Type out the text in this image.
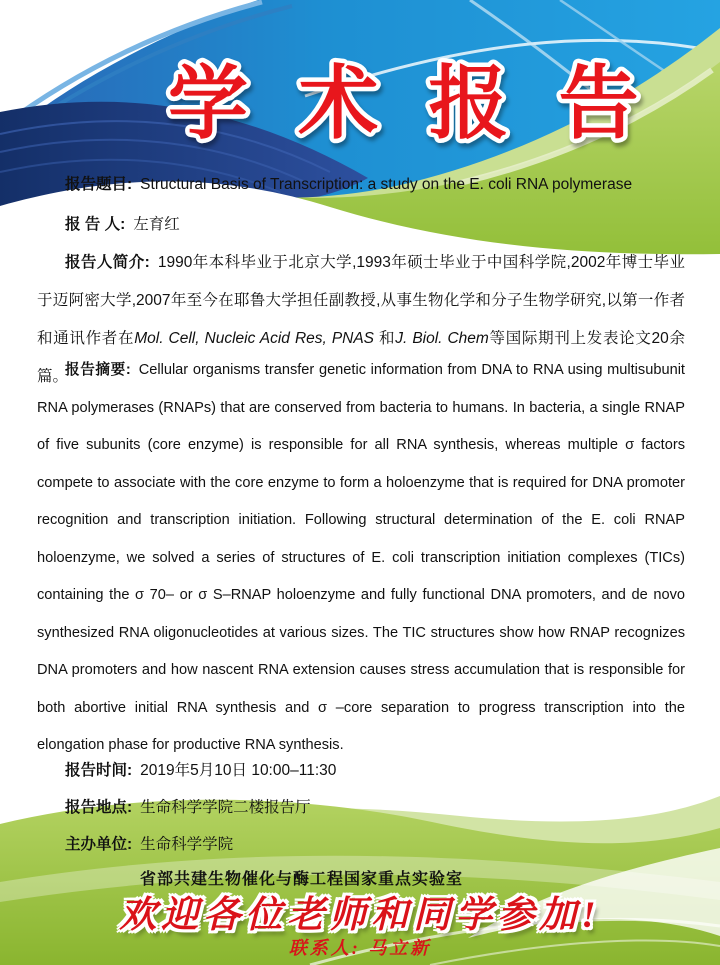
学 术 报 告
报告题目: Structural Basis of Transcription: a study on the E. coli RNA polymerase
报 告 人: 左育红
报告人简介: 1990年本科毕业于北京大学,1993年硕士毕业于中国科学院,2002年博士毕业于迈阿密大学,2007年至今在耶鲁大学担任副教授,从事生物化学和分子生物学研究,以第一作者和通讯作者在Mol. Cell, Nucleic Acid Res, PNAS 和J. Biol. Chem等国际期刊上发表论文20余篇。
报告摘要: Cellular organisms transfer genetic information from DNA to RNA using multisubunit RNA polymerases (RNAPs) that are conserved from bacteria to humans. In bacteria, a single RNAP of five subunits (core enzyme) is responsible for all RNA synthesis, whereas multiple σ factors compete to associate with the core enzyme to form a holoenzyme that is required for DNA promoter recognition and transcription initiation. Following structural determination of the E. coli RNAP holoenzyme, we solved a series of structures of E. coli transcription initiation complexes (TICs) containing the σ 70– or σ S–RNAP holoenzyme and fully functional DNA promoters, and de novo synthesized RNA oligonucleotides at various sizes. The TIC structures show how RNAP recognizes DNA promoters and how nascent RNA extension causes stress accumulation that is responsible for both abortive initial RNA synthesis and σ –core separation to progress transcription into the elongation phase for productive RNA synthesis.
报告时间: 2019年5月10日 10:00–11:30
报告地点: 生命科学学院二楼报告厅
主办单位: 生命科学学院
省部共建生物催化与酶工程国家重点实验室
欢迎各位老师和同学参加!
联系人: 马立新
